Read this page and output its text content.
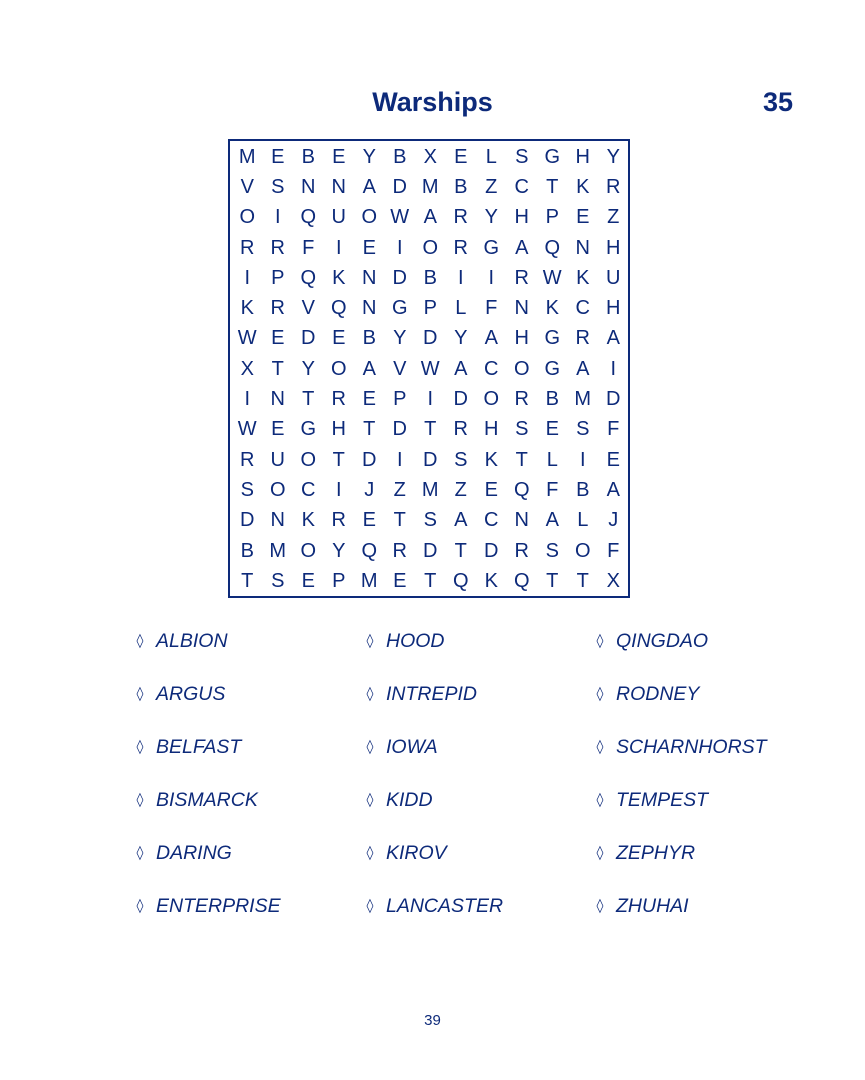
Warships	35
M E B E Y B X E L S G H Y
V S N N A D M B Z C T K R
O I Q U O W A R Y H P E Z
R R F	I	E	I O R G A Q N H
I	P Q K N D B	I	I	R W K U
K R V Q N G P L F N K C H
W E D E B Y D Y A H G R A
X T Y O A V W A C O G A	I
I	N T R E P	I	D O R B M D
W E G H T D T R H S E S F
R U O T D	I	D S K T L	I	E
S O C	I	J Z M Z E Q F B A
D N K R E T S A C N A L J
B M O Y Q R D T D R S O F
T S E P M E T Q K Q T T X
◊ ALBION	◊ HOOD	◊ QINGDAO
◊ ARGUS	◊ INTREPID	◊ RODNEY
◊ BELFAST	◊ IOWA	◊ SCHARNHORST
◊ BISMARCK	◊ KIDD	◊ TEMPEST
◊ DARING	◊ KIROV	◊ ZEPHYR
◊ ENTERPRISE	◊ LANCASTER	◊ ZHUHAI
39
